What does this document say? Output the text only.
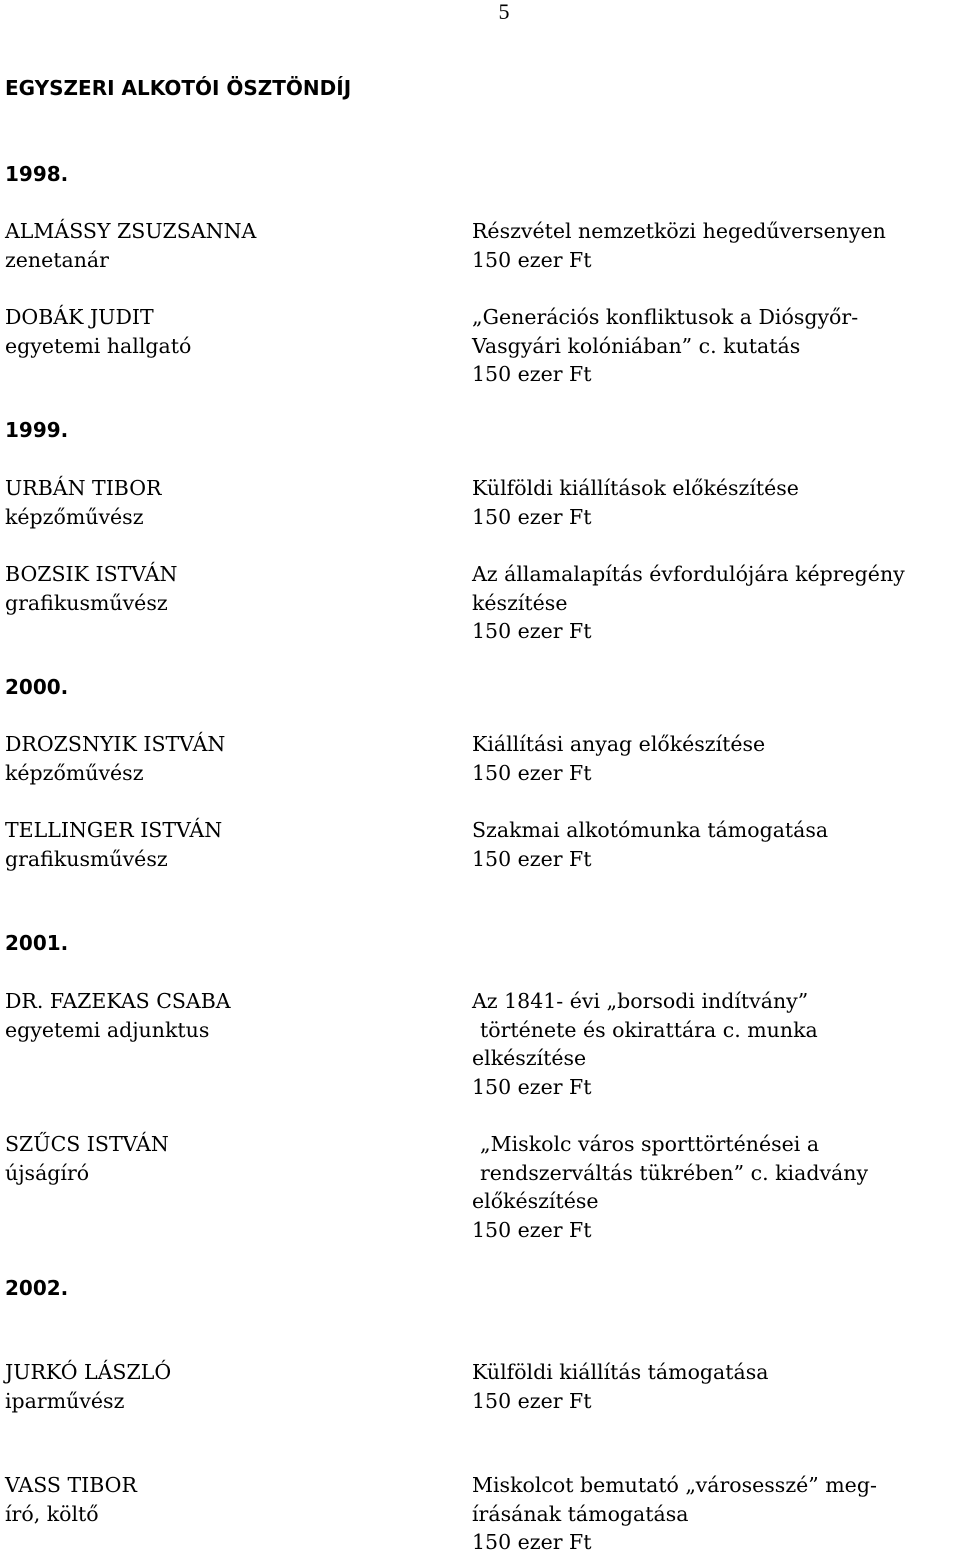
5
EGYSZERI ALKOTÓI ÖSZTÖNDÍJ
1998.
ALMÁSSY ZSUZSANNA
zenetanár
Részvétel nemzetközi hegedűversenyen
150 ezer Ft
DOBÁK JUDIT
egyetemi hallgató
„Generációs konfliktusok a Diósgyőr-
Vasgyári kolóniában” c. kutatás
150 ezer Ft
1999.
URBÁN TIBOR
képzőművész
Külföldi kiállítások előkészítése
150 ezer Ft
BOZSIK ISTVÁN
grafikusművész
Az államalapítás évfordulójára képregény
készítése
150 ezer Ft
2000.
DROZSNYIK ISTVÁN
képzőművész
Kiállítási anyag előkészítése
150 ezer Ft
TELLINGER ISTVÁN
grafikusművész
Szakmai alkotómunka támogatása
150 ezer Ft
2001.
DR. FAZEKAS CSABA
egyetemi adjunktus
Az 1841- évi „borsodi indítvány”
története és okirattára c. munka
elkészítése
150 ezer Ft
SZŰCS ISTVÁN
újságíró
„Miskolc város sporttörténései a
rendszerváltás tükrében” c. kiadvány
előkészítése
150 ezer Ft
2002.
JURKÓ LÁSZLÓ
iparművész
Külföldi kiállítás támogatása
150 ezer Ft
VASS TIBOR
író, költő
Miskolcot bemutató „városesszé” meg-
írásának támogatása
150 ezer Ft
